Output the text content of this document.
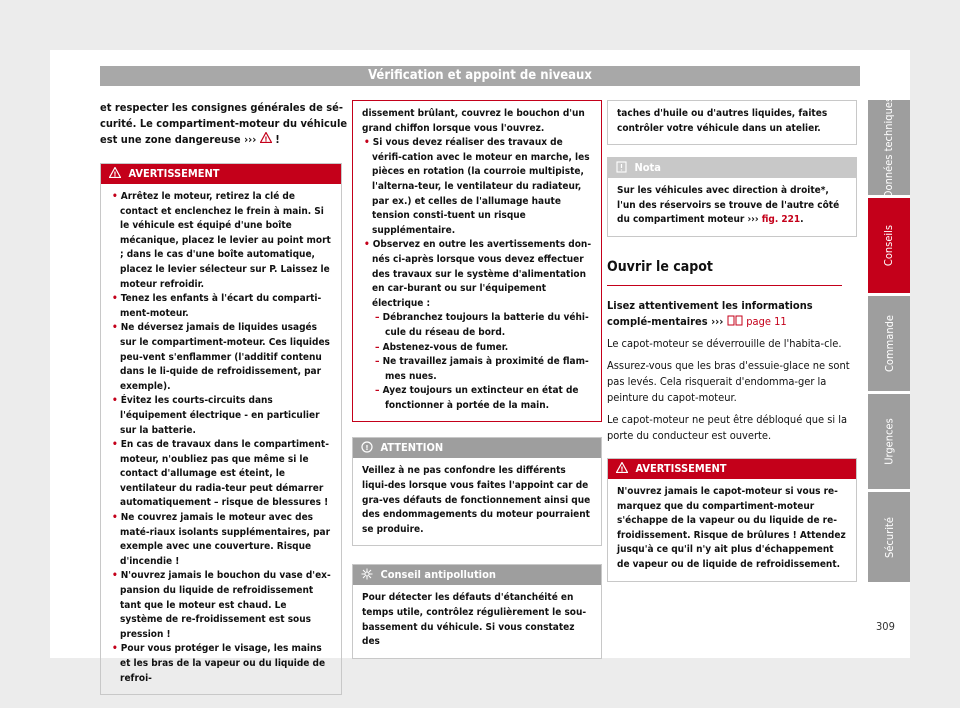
Vérification et appoint de niveaux
et respecter les consignes générales de sé-
curité. Le compartiment-moteur du véhicule
est une zone dangereuse ››› ! !
! AVERTISSEMENT
• Arrêtez le moteur, retirez la clé de contact et enclenchez le frein à main. Si le véhicule est équipé d'une boîte mécanique, placez le levier au point mort ; dans le cas d'une boîte automatique, placez le levier sélecteur sur P. Laissez le moteur refroidir.
• Tenez les enfants à l'écart du comparti-ment-moteur.
• Ne déversez jamais de liquides usagés sur le compartiment-moteur. Ces liquides peu-vent s'enflammer (l'additif contenu dans le li-quide de refroidissement, par exemple).
• Évitez les courts-circuits dans l'équipement électrique - en particulier sur la batterie.
• En cas de travaux dans le compartiment-moteur, n'oubliez pas que même si le contact d'allumage est éteint, le ventilateur du radia-teur peut démarrer automatiquement – risque de blessures !
• Ne couvrez jamais le moteur avec des maté-riaux isolants supplémentaires, par exemple avec une couverture. Risque d'incendie !
• N'ouvrez jamais le bouchon du vase d'ex-pansion du liquide de refroidissement tant que le moteur est chaud. Le système de re-froidissement est sous pression !
• Pour vous protéger le visage, les mains et les bras de la vapeur ou du liquide de refroi-
dissement brûlant, couvrez le bouchon d'un grand chiffon lorsque vous l'ouvrez.
• Si vous devez réaliser des travaux de vérifi-cation avec le moteur en marche, les pièces en rotation (la courroie multipiste, l'alterna-teur, le ventilateur du radiateur, par ex.) et celles de l'allumage haute tension consti-tuent un risque supplémentaire.
• Observez en outre les avertissements don-nés ci-après lorsque vous devez effectuer des travaux sur le système d'alimentation en car-burant ou sur l'équipement électrique :
– Débranchez toujours la batterie du véhi-cule du réseau de bord.
– Abstenez-vous de fumer.
– Ne travaillez jamais à proximité de flam-mes nues.
– Ayez toujours un extincteur en état de fonctionner à portée de la main.
! ATTENTION
Veillez à ne pas confondre les différents liqui-des lorsque vous faites l'appoint car de gra-ves défauts de fonctionnement ainsi que des endommagements du moteur pourraient se produire.
Conseil antipollution
Pour détecter les défauts d'étanchéité en temps utile, contrôlez régulièrement le sou-bassement du véhicule. Si vous constatez des
taches d'huile ou d'autres liquides, faites contrôler votre véhicule dans un atelier.
Nota
Sur les véhicules avec direction à droite*, l'un des réservoirs se trouve de l'autre côté du compartiment moteur ››› fig. 221.
Ouvrir le capot
Lisez attentivement les informations complé-mentaires ››› page 11
Le capot-moteur se déverrouille de l'habita-cle.
Assurez-vous que les bras d'essuie-glace ne sont pas levés. Cela risquerait d'endomma-ger la peinture du capot-moteur.
Le capot-moteur ne peut être débloqué que si la porte du conducteur est ouverte.
! AVERTISSEMENT
N'ouvrez jamais le capot-moteur si vous re-marquez que du compartiment-moteur s'échappe de la vapeur ou du liquide de re-froidissement. Risque de brûlures ! Attendez jusqu'à ce qu'il n'y ait plus d'échappement de vapeur ou de liquide de refroidissement.
Données techniques
Conseils
Commande
Urgences
Sécurité
309
